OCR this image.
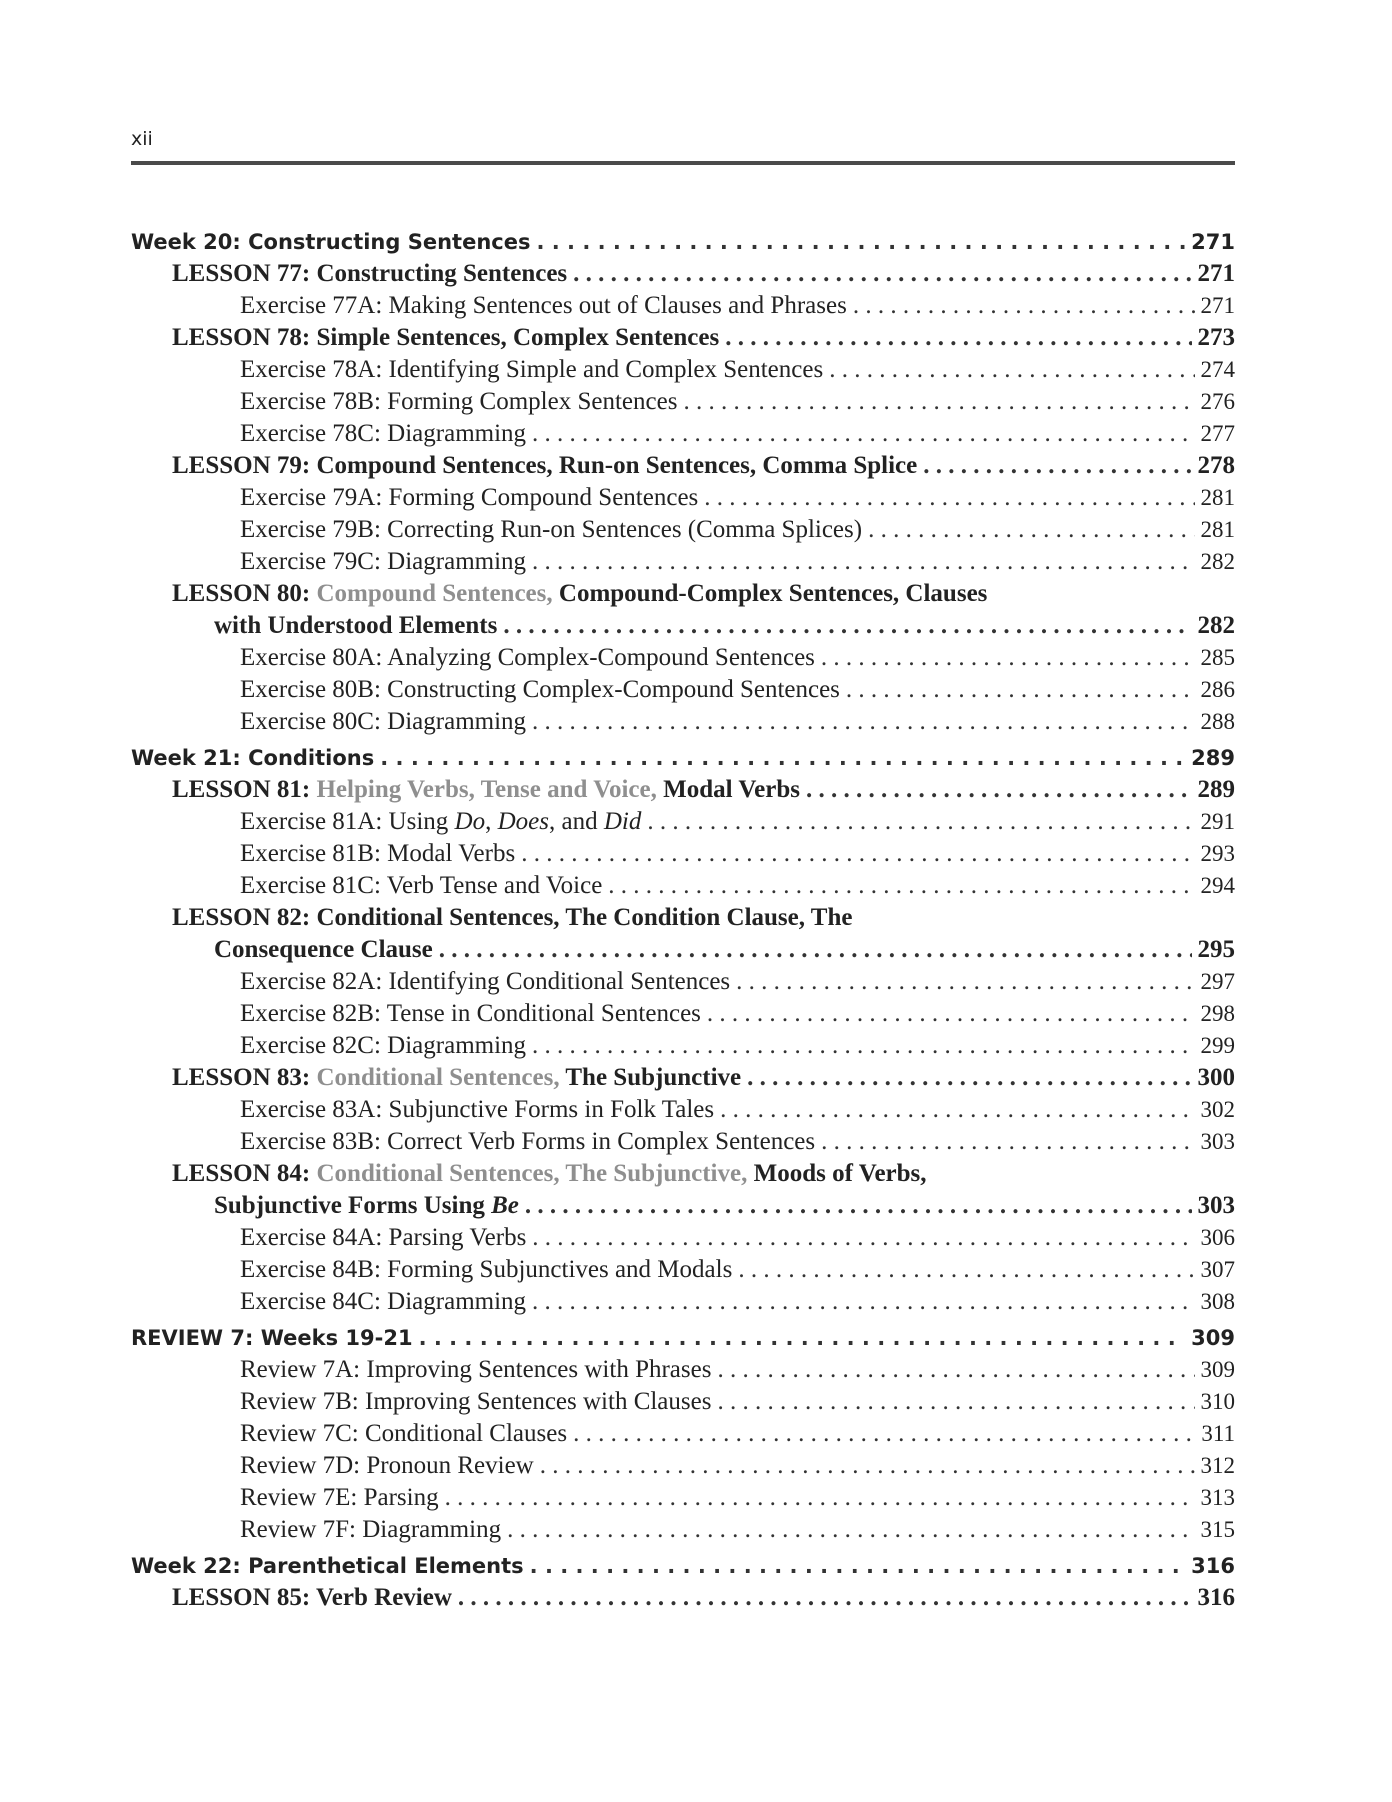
xii
Week 20: Constructing Sentences . . .	271
LESSON 77: Constructing Sentences . . .	271
Exercise 77A: Making Sentences out of Clauses and Phrases . . .	271
LESSON 78: Simple Sentences, Complex Sentences . . .	273
Exercise 78A: Identifying Simple and Complex Sentences . . .	274
Exercise 78B: Forming Complex Sentences . . .	276
Exercise 78C: Diagramming . . .	277
LESSON 79: Compound Sentences, Run-on Sentences, Comma Splice . . .	278
Exercise 79A: Forming Compound Sentences . . .	281
Exercise 79B: Correcting Run-on Sentences (Comma Splices) . . .	281
Exercise 79C: Diagramming . . .	282
LESSON 80: Compound Sentences, Compound-Complex Sentences, Clauses
with Understood Elements . . .	282
Exercise 80A: Analyzing Complex-Compound Sentences . . .	285
Exercise 80B: Constructing Complex-Compound Sentences . . .	286
Exercise 80C: Diagramming . . .	288
Week 21: Conditions . . .	289
LESSON 81: Helping Verbs, Tense and Voice, Modal Verbs . . .	289
Exercise 81A: Using Do, Does, and Did . . .	291
Exercise 81B: Modal Verbs . . .	293
Exercise 81C: Verb Tense and Voice . . .	294
LESSON 82: Conditional Sentences, The Condition Clause, The
Consequence Clause . . .	295
Exercise 82A: Identifying Conditional Sentences . . .	297
Exercise 82B: Tense in Conditional Sentences . . .	298
Exercise 82C: Diagramming . . .	299
LESSON 83: Conditional Sentences, The Subjunctive . . .	300
Exercise 83A: Subjunctive Forms in Folk Tales . . .	302
Exercise 83B: Correct Verb Forms in Complex Sentences . . .	303
LESSON 84: Conditional Sentences, The Subjunctive, Moods of Verbs,
Subjunctive Forms Using Be . . .	303
Exercise 84A: Parsing Verbs . . .	306
Exercise 84B: Forming Subjunctives and Modals . . .	307
Exercise 84C: Diagramming . . .	308
REVIEW 7: Weeks 19-21 . . .	309
Review 7A: Improving Sentences with Phrases . . .	309
Review 7B: Improving Sentences with Clauses . . .	310
Review 7C: Conditional Clauses . . .	311
Review 7D: Pronoun Review . . .	312
Review 7E: Parsing . . .	313
Review 7F: Diagramming . . .	315
Week 22: Parenthetical Elements . . .	316
LESSON 85: Verb Review . . .	316
